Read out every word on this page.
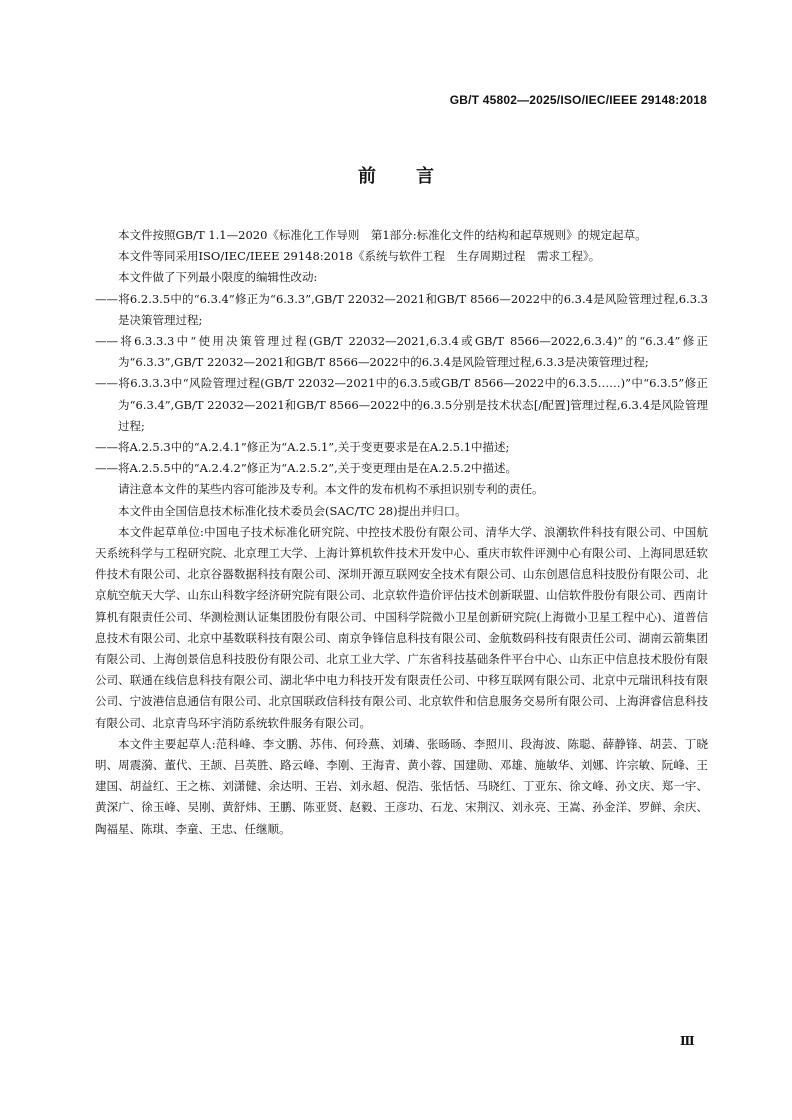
GB/T 45802—2025/ISO/IEC/IEEE 29148:2018
前言

本文件按照GB/T 1.1—2020《标准化工作导则　第1部分:标准化文件的结构和起草规则》的规定起草。

本文件等同采用ISO/IEC/IEEE 29148:2018《系统与软件工程　生存周期过程　需求工程》。

本文件做了下列最小限度的编辑性改动:

——将6.2.3.5中的“6.3.4”修正为“6.3.3”,GB/T 22032—2021和GB/T 8566—2022中的6.3.4是风险管理过程,6.3.3是决策管理过程;

——将6.3.3.3中“使用决策管理过程(GB/T 22032—2021,6.3.4或GB/T 8566—2022,6.3.4)”的“6.3.4”修正为“6.3.3”,GB/T 22032—2021和GB/T 8566—2022中的6.3.4是风险管理过程,6.3.3是决策管理过程;

——将6.3.3.3中“风险管理过程(GB/T 22032—2021中的6.3.5或GB/T 8566—2022中的6.3.5……)”中“6.3.5”修正为“6.3.4”,GB/T 22032—2021和GB/T 8566—2022中的6.3.5分别是技术状态[/配置]管理过程,6.3.4是风险管理过程;

——将A.2.5.3中的“A.2.4.1”修正为“A.2.5.1”,关于变更要求是在A.2.5.1中描述;

——将A.2.5.5中的“A.2.4.2”修正为“A.2.5.2”,关于变更理由是在A.2.5.2中描述。

请注意本文件的某些内容可能涉及专利。本文件的发布机构不承担识别专利的责任。

本文件由全国信息技术标准化技术委员会(SAC/TC 28)提出并归口。

本文件起草单位:中国电子技术标准化研究院、中控技术股份有限公司、清华大学、浪潮软件科技有限公司、中国航天系统科学与工程研究院、北京理工大学、上海计算机软件技术开发中心、重庆市软件评测中心有限公司、上海同思廷软件技术有限公司、北京谷器数据科技有限公司、深圳开源互联网安全技术有限公司、山东创恩信息科技股份有限公司、北京航空航天大学、山东山科数字经济研究院有限公司、北京软件造价评估技术创新联盟、山信软件股份有限公司、西南计算机有限责任公司、华测检测认证集团股份有限公司、中国科学院微小卫星创新研究院(上海微小卫星工程中心)、道普信息技术有限公司、北京中基数联科技有限公司、南京争锋信息科技有限公司、金航数码科技有限责任公司、湖南云箭集团有限公司、上海创景信息科技股份有限公司、北京工业大学、广东省科技基础条件平台中心、山东正中信息技术股份有限公司、联通在线信息科技有限公司、湖北华中电力科技开发有限责任公司、中移互联网有限公司、北京中元瑞讯科技有限公司、宁波港信息通信有限公司、北京国联政信科技有限公司、北京软件和信息服务交易所有限公司、上海湃睿信息科技有限公司、北京青鸟环宇消防系统软件服务有限公司。

本文件主要起草人:范科峰、李文鹏、苏伟、何玲燕、刘璘、张旸旸、李照川、段海波、陈聪、薛静锋、胡芸、丁晓明、周震漪、董代、王颉、吕英胜、路云峰、李刚、王海青、黄小蓉、国建勋、邓雄、施敏华、刘娜、许宗敏、阮峰、王建国、胡益红、王之栋、刘潇健、余达明、王岩、刘永超、倪浩、张恬恬、马晓红、丁亚东、徐文峰、孙文庆、郑一宇、黄深广、徐玉峰、吴刚、黄舒炜、王鹏、陈亚贤、赵毅、王彦功、石龙、宋荆汉、刘永亮、王嵩、孙金洋、罗鲜、余庆、陶福星、陈琪、李童、王忠、任继顺。

Ⅲ
